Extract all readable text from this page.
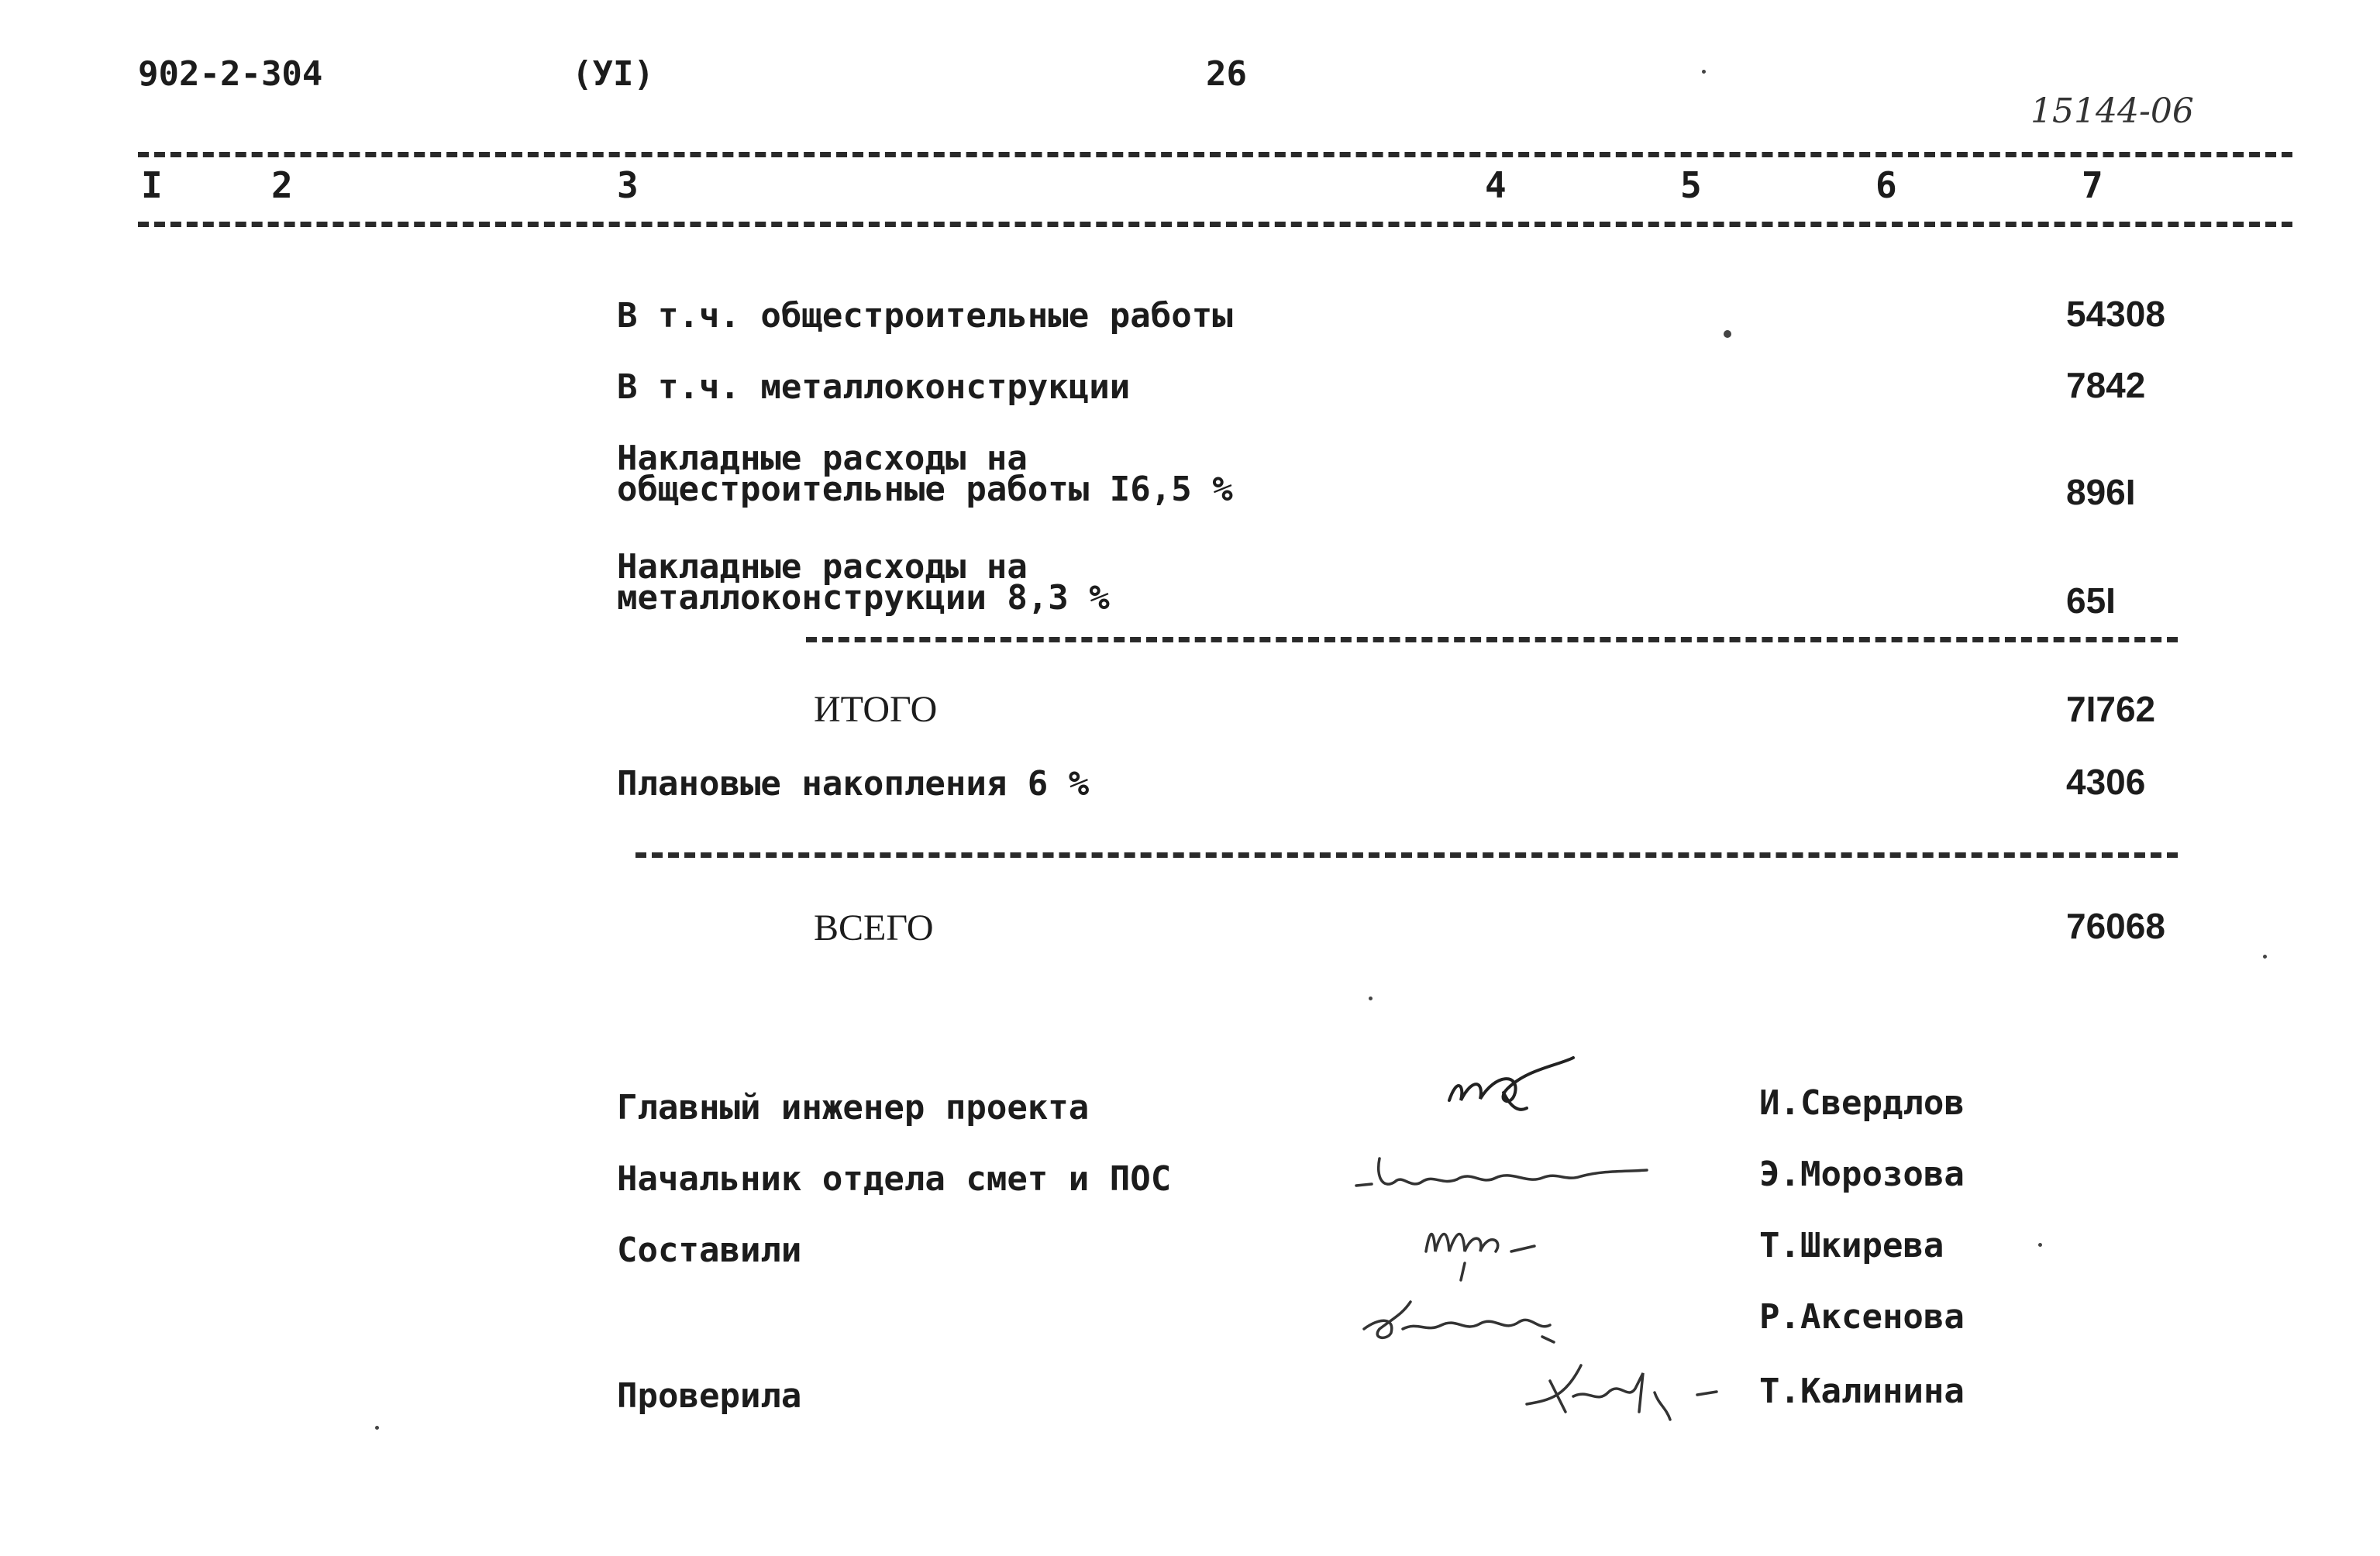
902-2-304	(УI)	26
15144-06
I	2	3	4	5	6	7
В т.ч. общестроительные работы	54308
В т.ч. металлоконструкции	7842
Накладные расходы на
общестроительные работы I6,5 %	896I
Накладные расходы на
металлоконструкции 8,3 %	65I
ИТОГО	7I762
Плановые накопления 6 %	4306
ВСЕГО	76068
Главный инженер проекта	И.Свердлов
Начальник отдела смет и ПОС	Э.Морозова
Составили	Т.Шкирева
Р.Аксенова
Проверила	Т.Калинина
